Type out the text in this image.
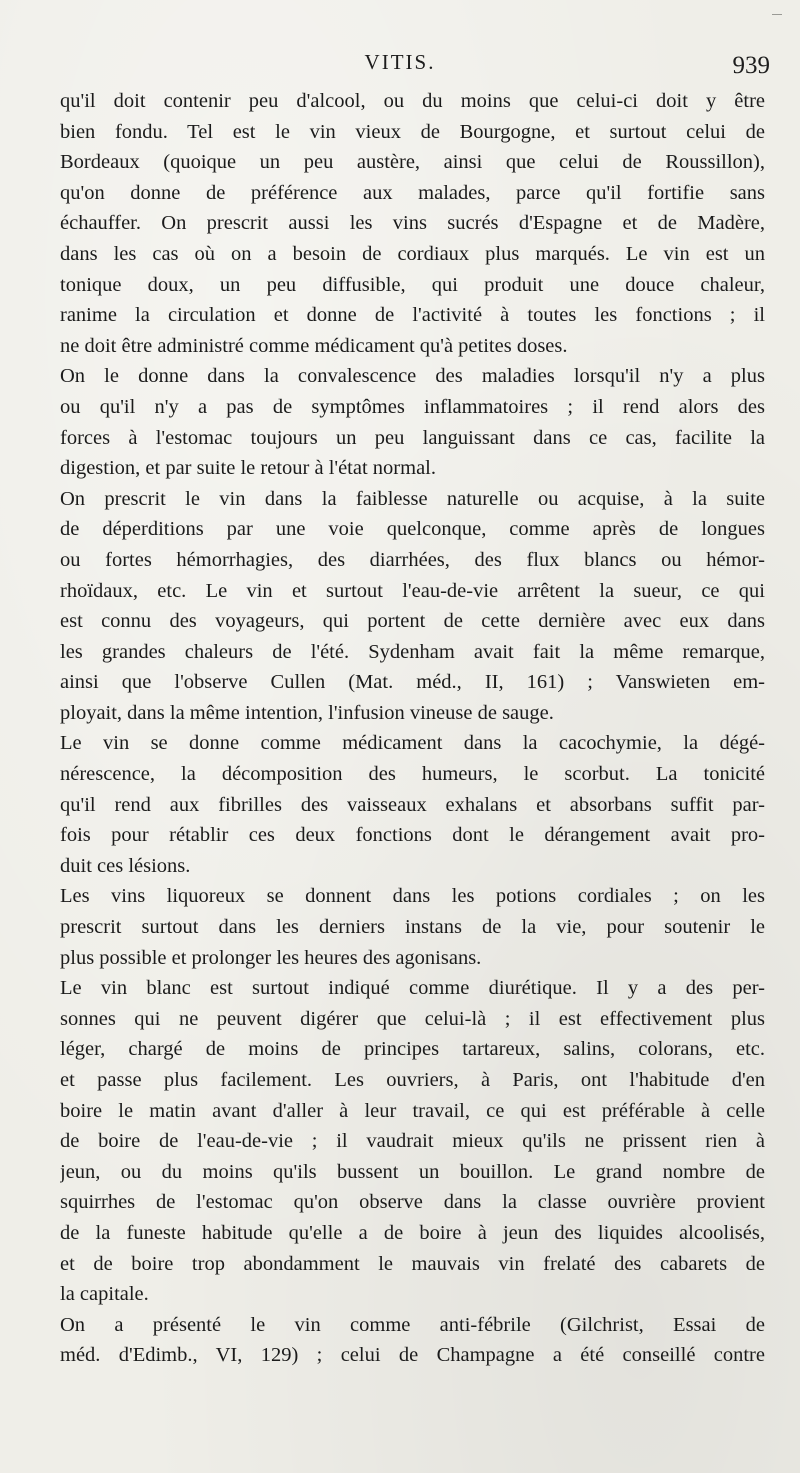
VITIS.	939
qu'il doit contenir peu d'alcool, ou du moins que celui-ci doit y être
bien fondu. Tel est le vin vieux de Bourgogne, et surtout celui de
Bordeaux (quoique un peu austère, ainsi que celui de Roussillon),
qu'on donne de préférence aux malades, parce qu'il fortifie sans
échauffer. On prescrit aussi les vins sucrés d'Espagne et de Madère,
dans les cas où on a besoin de cordiaux plus marqués. Le vin est un
tonique doux, un peu diffusible, qui produit une douce chaleur,
ranime la circulation et donne de l'activité à toutes les fonctions ; il
ne doit être administré comme médicament qu'à petites doses.
On le donne dans la convalescence des maladies lorsqu'il n'y a plus
ou qu'il n'y a pas de symptômes inflammatoires ; il rend alors des
forces à l'estomac toujours un peu languissant dans ce cas, facilite la
digestion, et par suite le retour à l'état normal.
On prescrit le vin dans la faiblesse naturelle ou acquise, à la suite
de déperditions par une voie quelconque, comme après de longues
ou fortes hémorrhagies, des diarrhées, des flux blancs ou hémor-
rhoïdaux, etc. Le vin et surtout l'eau-de-vie arrêtent la sueur, ce qui
est connu des voyageurs, qui portent de cette dernière avec eux dans
les grandes chaleurs de l'été. Sydenham avait fait la même remarque,
ainsi que l'observe Cullen (Mat. méd., II, 161) ; Vanswieten em-
ployait, dans la même intention, l'infusion vineuse de sauge.
Le vin se donne comme médicament dans la cacochymie, la dégé-
nérescence, la décomposition des humeurs, le scorbut. La tonicité
qu'il rend aux fibrilles des vaisseaux exhalans et absorbans suffit par-
fois pour rétablir ces deux fonctions dont le dérangement avait pro-
duit ces lésions.
Les vins liquoreux se donnent dans les potions cordiales ; on les
prescrit surtout dans les derniers instans de la vie, pour soutenir le
plus possible et prolonger les heures des agonisans.
Le vin blanc est surtout indiqué comme diurétique. Il y a des per-
sonnes qui ne peuvent digérer que celui-là ; il est effectivement plus
léger, chargé de moins de principes tartareux, salins, colorans, etc.
et passe plus facilement. Les ouvriers, à Paris, ont l'habitude d'en
boire le matin avant d'aller à leur travail, ce qui est préférable à celle
de boire de l'eau-de-vie ; il vaudrait mieux qu'ils ne prissent rien à
jeun, ou du moins qu'ils bussent un bouillon. Le grand nombre de
squirrhes de l'estomac qu'on observe dans la classe ouvrière provient
de la funeste habitude qu'elle a de boire à jeun des liquides alcoolisés,
et de boire trop abondamment le mauvais vin frelaté des cabarets de
la capitale.
On a présenté le vin comme anti-fébrile (Gilchrist, Essai de
méd. d'Edimb., VI, 129) ; celui de Champagne a été conseillé contre
